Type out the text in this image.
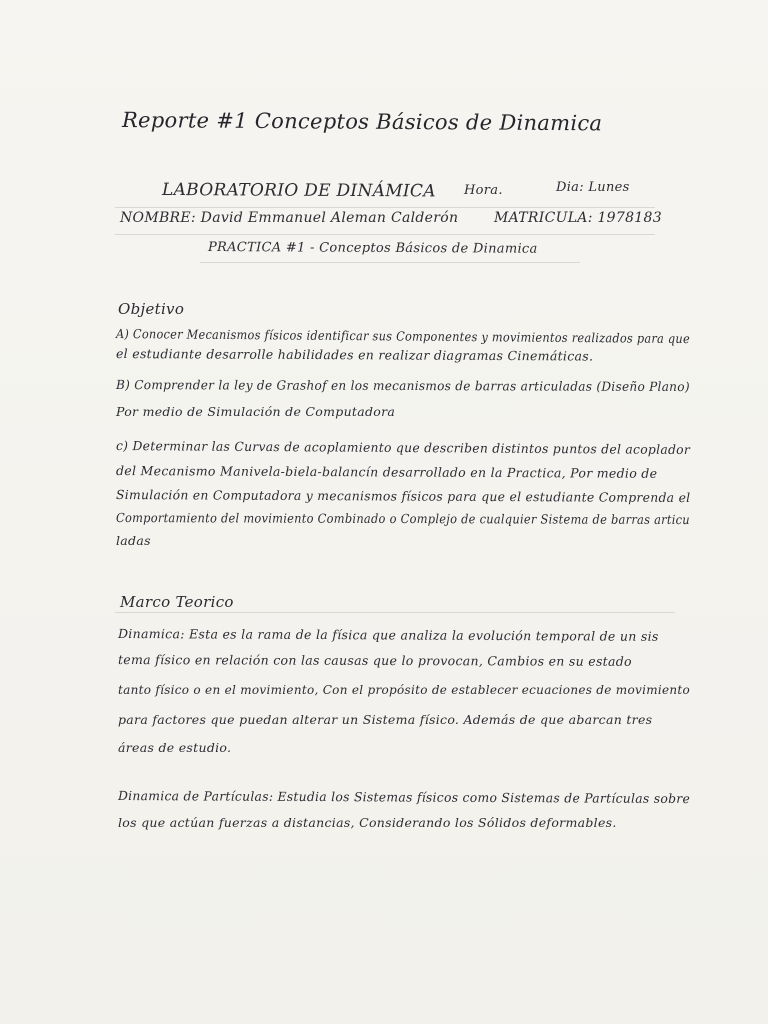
Reporte #1 Conceptos Básicos de Dinamica
LABORATORIO DE DINÁMICA Hora.	Dia: Lunes
NOMBRE: David Emmanuel Aleman Calderón	MATRICULA: 1978183
PRACTICA #1 - Conceptos Básicos de Dinamica
Objetivo
A) Conocer Mecanismos físicos identificar sus Componentes y movimientos realizados para que
el estudiante desarrolle habilidades en realizar diagramas Cinemáticas.
B) Comprender la ley de Grashof en los mecanismos de barras articuladas (Diseño Plano)
Por medio de Simulación de Computadora
c) Determinar las Curvas de acoplamiento que describen distintos puntos del acoplador
del Mecanismo Manivela-biela-balancín desarrollado en la Practica, Por medio de
Simulación en Computadora y mecanismos físicos para que el estudiante Comprenda el
Comportamiento del movimiento Combinado o Complejo de cualquier Sistema de barras articu
ladas
Marco Teorico
Dinamica: Esta es la rama de la física que analiza la evolución temporal de un sis
tema físico en relación con las causas que lo provocan, Cambios en su estado
tanto físico o en el movimiento, Con el propósito de establecer ecuaciones de movimiento
para factores que puedan alterar un Sistema físico. Además de que abarcan tres
áreas de estudio.
Dinamica de Partículas: Estudia los Sistemas físicos como Sistemas de Partículas sobre
los que actúan fuerzas a distancias, Considerando los Sólidos deformables.
